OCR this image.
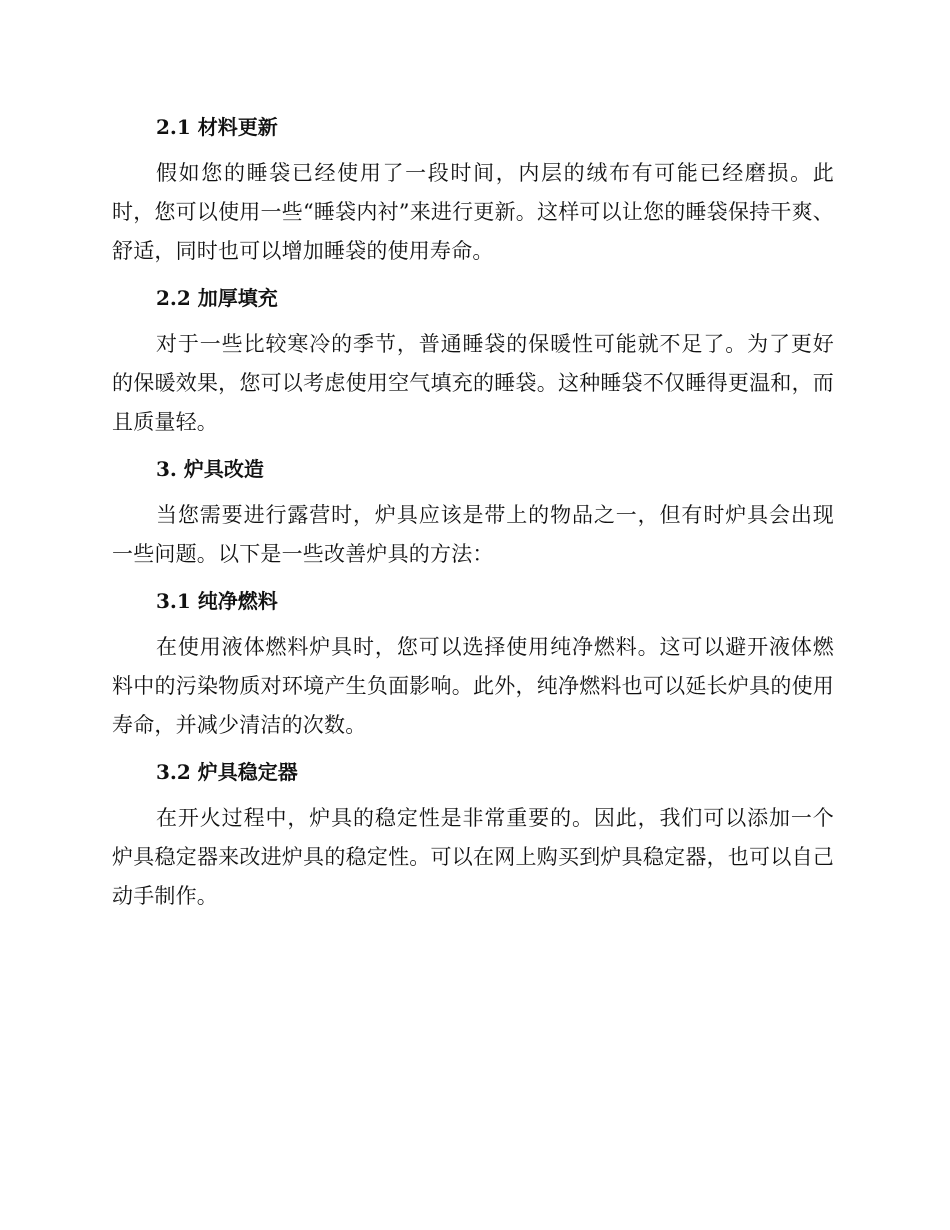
2.1 材料更新

假如您的睡袋已经使用了一段时间，内层的绒布有可能已经磨损。此时，您可以使用一些“睡袋内衬”来进行更新。这样可以让您的睡袋保持干爽、舒适，同时也可以增加睡袋的使用寿命。

2.2 加厚填充

对于一些比较寒冷的季节，普通睡袋的保暖性可能就不足了。为了更好的保暖效果，您可以考虑使用空气填充的睡袋。这种睡袋不仅睡得更温和，而且质量轻。

3. 炉具改造

当您需要进行露营时，炉具应该是带上的物品之一，但有时炉具会出现一些问题。以下是一些改善炉具的方法：

3.1 纯净燃料

在使用液体燃料炉具时，您可以选择使用纯净燃料。这可以避开液体燃料中的污染物质对环境产生负面影响。此外，纯净燃料也可以延长炉具的使用寿命，并减少清洁的次数。

3.2 炉具稳定器

在开火过程中，炉具的稳定性是非常重要的。因此，我们可以添加一个炉具稳定器来改进炉具的稳定性。可以在网上购买到炉具稳定器，也可以自己动手制作。
